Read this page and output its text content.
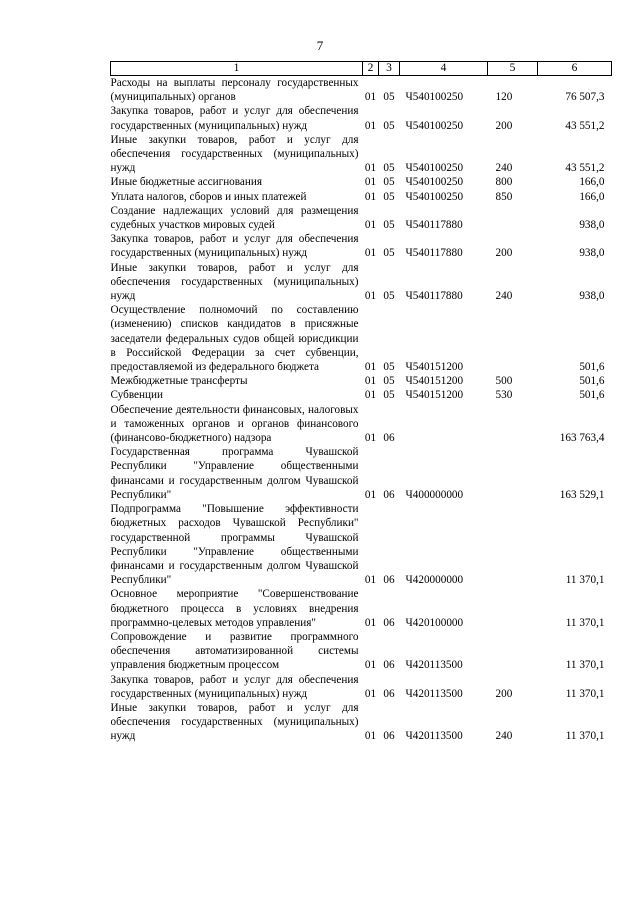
7
1	2	3	4	5	6
Расходы на выплаты персоналу государственных (муниципальных) органов	01	05	Ч540100250	120	76 507,3
Закупка товаров, работ и услуг для обеспечения государственных (муниципальных) нужд	01	05	Ч540100250	200	43 551,2
Иные закупки товаров, работ и услуг для обеспечения государственных (муниципальных) нужд	01	05	Ч540100250	240	43 551,2
Иные бюджетные ассигнования	01	05	Ч540100250	800	166,0
Уплата налогов, сборов и иных платежей	01	05	Ч540100250	850	166,0
Создание надлежащих условий для размещения судебных участков мировых судей	01	05	Ч540117880		938,0
Закупка товаров, работ и услуг для обеспечения государственных (муниципальных) нужд	01	05	Ч540117880	200	938,0
Иные закупки товаров, работ и услуг для обеспечения государственных (муниципальных) нужд	01	05	Ч540117880	240	938,0
Осуществление полномочий по составлению (изменению) списков кандидатов в присяжные заседатели федеральных судов общей юрисдикции в Российской Федерации за счет субвенции, предоставляемой из федерального бюджета	01	05	Ч540151200		501,6
Межбюджетные трансферты	01	05	Ч540151200	500	501,6
Субвенции	01	05	Ч540151200	530	501,6
Обеспечение деятельности финансовых, налоговых и таможенных органов и органов финансового (финансово-бюджетного) надзора	01	06			163 763,4
Государственная программа Чувашской Республики "Управление общественными финансами и государственным долгом Чувашской Республики"	01	06	Ч400000000		163 529,1
Подпрограмма "Повышение эффективности бюджетных расходов Чувашской Республики" государственной программы Чувашской Республики "Управление общественными финансами и государственным долгом Чувашской Республики"	01	06	Ч420000000		11 370,1
Основное мероприятие "Совершенствование бюджетного процесса в условиях внедрения программно-целевых методов управления"	01	06	Ч420100000		11 370,1
Сопровождение и развитие программного обеспечения автоматизированной системы управления бюджетным процессом	01	06	Ч420113500		11 370,1
Закупка товаров, работ и услуг для обеспечения государственных (муниципальных) нужд	01	06	Ч420113500	200	11 370,1
Иные закупки товаров, работ и услуг для обеспечения государственных (муниципальных) нужд	01	06	Ч420113500	240	11 370,1
